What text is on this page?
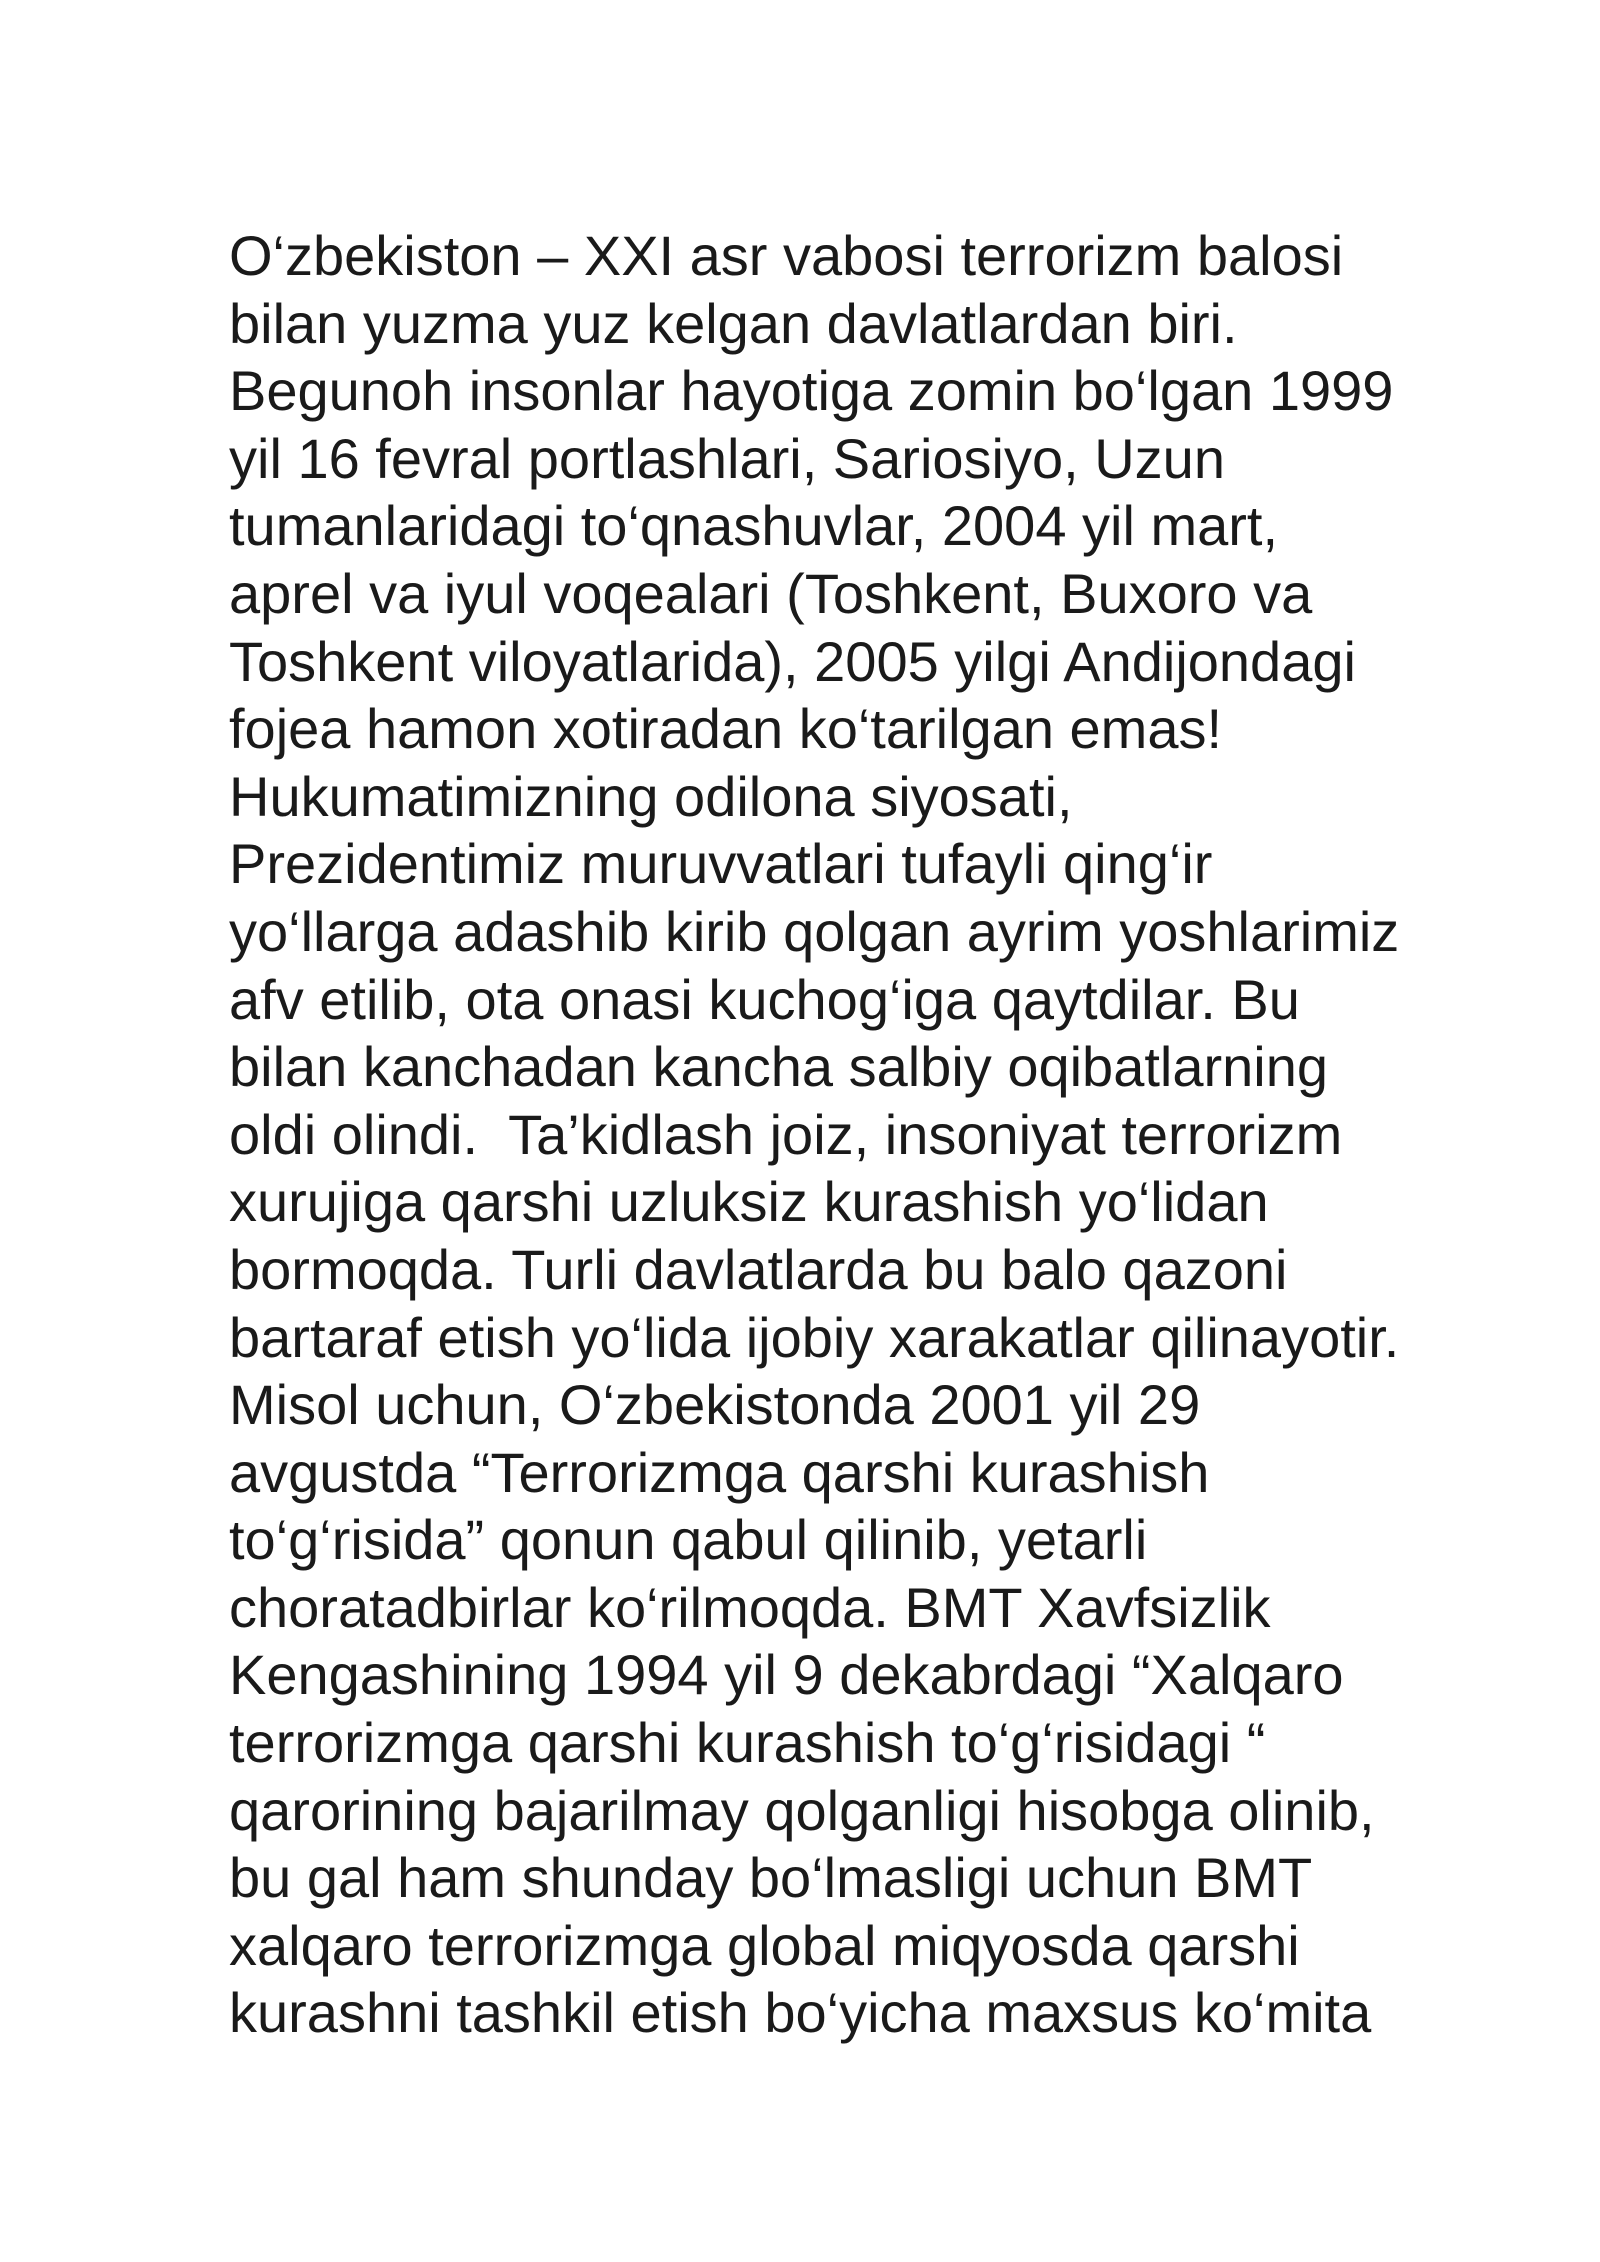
O‘zbekiston – XXI asr vabosi terrorizm balosi
bilan yuzma yuz kelgan davlatlardan biri.
Begunoh insonlar hayotiga zomin bo‘lgan 1999
yil 16 fevral portlashlari, Sariosiyo, Uzun
tumanlaridagi to‘qnashuvlar, 2004 yil mart,
aprel va iyul voqealari (Toshkent, Buxoro va
Toshkent viloyatlarida), 2005 yilgi Andijondagi
fojea hamon xotiradan ko‘tarilgan emas!
Hukumatimizning odilona siyosati,
Prezidentimiz muruvvatlari tufayli qing‘ir
yo‘llarga adashib kirib qolgan ayrim yoshlarimiz
afv etilib, ota onasi kuchog‘iga qaytdilar. Bu
bilan kanchadan kancha salbiy oqibatlarning
oldi olindi.  Ta’kidlash joiz, insoniyat terrorizm
xurujiga qarshi uzluksiz kurashish yo‘lidan
bormoqda. Turli davlatlarda bu balo qazoni
bartaraf etish yo‘lida ijobiy xarakatlar qilinayotir.
Misol uchun, O‘zbekistonda 2001 yil 29
avgustda “Terrorizmga qarshi kurashish
to‘g‘risida” qonun qabul qilinib, yetarli
choratadbirlar ko‘rilmoqda. BMT Xavfsizlik
Kengashining 1994 yil 9 dekabrdagi “Xalqaro
terrorizmga qarshi kurashish to‘g‘risidagi “
qarorining bajarilmay qolganligi hisobga olinib,
bu gal ham shunday bo‘lmasligi uchun BMT
xalqaro terrorizmga global miqyosda qarshi
kurashni tashkil etish bo‘yicha maxsus ko‘mita
